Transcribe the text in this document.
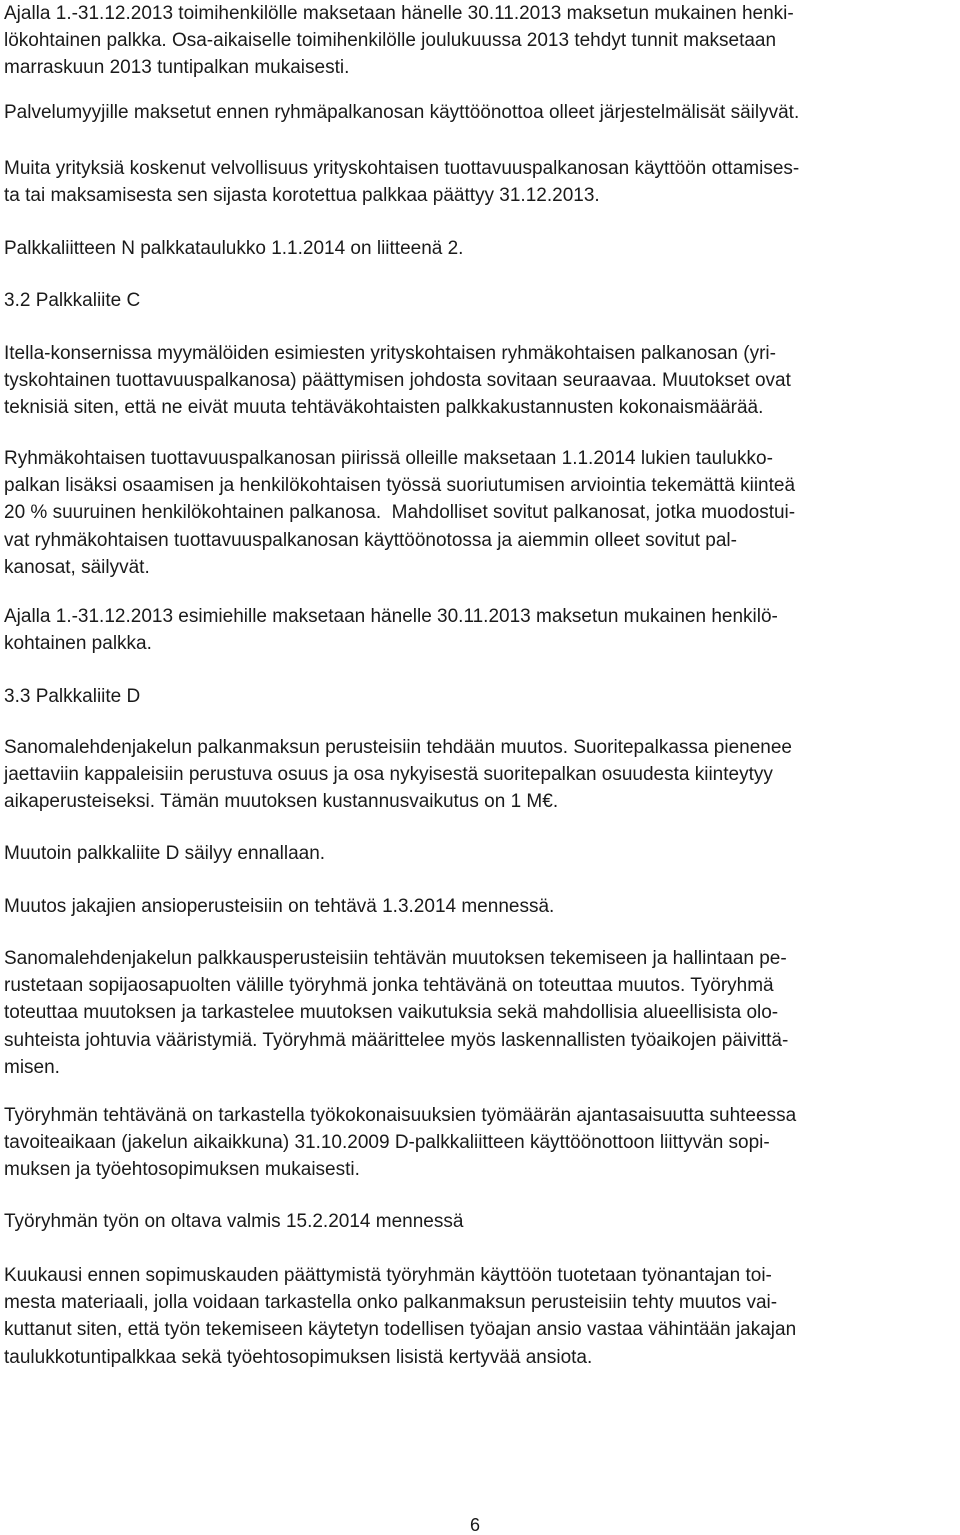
Ajalla 1.-31.12.2013 toimihenkilölle maksetaan hänelle 30.11.2013 maksetun mukainen henki-
lökohtainen palkka. Osa-aikaiselle toimihenkilölle joulukuussa 2013 tehdyt tunnit maksetaan
marraskuun 2013 tuntipalkan mukaisesti.
Palvelumyyjille maksetut ennen ryhmäpalkanosan käyttöönottoa olleet järjestelmälisät säilyvät.
Muita yrityksiä koskenut velvollisuus yrityskohtaisen tuottavuuspalkanosan käyttöön ottamises-
ta tai maksamisesta sen sijasta korotettua palkkaa päättyy 31.12.2013.
Palkkaliitteen N palkkataulukko 1.1.2014 on liitteenä 2.
3.2 Palkkaliite C
Itella-konsernissa myymälöiden esimiesten yrityskohtaisen ryhmäkohtaisen palkanosan (yri-
tyskohtainen tuottavuuspalkanosa) päättymisen johdosta sovitaan seuraavaa. Muutokset ovat
teknisiä siten, että ne eivät muuta tehtäväkohtaisten palkkakustannusten kokonaismäärää.
Ryhmäkohtaisen tuottavuuspalkanosan piirissä olleille maksetaan 1.1.2014 lukien taulukko-
palkan lisäksi osaamisen ja henkilökohtaisen työssä suoriutumisen arviointia tekemättä kiinteä
20 % suuruinen henkilökohtainen palkanosa.  Mahdolliset sovitut palkanosat, jotka muodostui-
vat ryhmäkohtaisen tuottavuuspalkanosan käyttöönotossa ja aiemmin olleet sovitut pal-
kanosat, säilyvät.
Ajalla 1.-31.12.2013 esimiehille maksetaan hänelle 30.11.2013 maksetun mukainen henkilö-
kohtainen palkka.
3.3 Palkkaliite D
Sanomalehdenjakelun palkanmaksun perusteisiin tehdään muutos. Suoritepalkassa pienenee
jaettaviin kappaleisiin perustuva osuus ja osa nykyisestä suoritepalkan osuudesta kiinteytyy
aikaperusteiseksi. Tämän muutoksen kustannusvaikutus on 1 M€.
Muutoin palkkaliite D säilyy ennallaan.
Muutos jakajien ansioperusteisiin on tehtävä 1.3.2014 mennessä.
Sanomalehdenjakelun palkkausperusteisiin tehtävän muutoksen tekemiseen ja hallintaan pe-
rustetaan sopijaosapuolten välille työryhmä jonka tehtävänä on toteuttaa muutos. Työryhmä
toteuttaa muutoksen ja tarkastelee muutoksen vaikutuksia sekä mahdollisia alueellisista olo-
suhteista johtuvia vääristymiä. Työryhmä määrittelee myös laskennallisten työaikojen päivittä-
misen.
Työryhmän tehtävänä on tarkastella työkokonaisuuksien työmäärän ajantasaisuutta suhteessa
tavoiteaikaan (jakelun aikaikkuna) 31.10.2009 D-palkkaliitteen käyttöönottoon liittyvän sopi-
muksen ja työehtosopimuksen mukaisesti.
Työryhmän työn on oltava valmis 15.2.2014 mennessä
Kuukausi ennen sopimuskauden päättymistä työryhmän käyttöön tuotetaan työnantajan toi-
mesta materiaali, jolla voidaan tarkastella onko palkanmaksun perusteisiin tehty muutos vai-
kuttanut siten, että työn tekemiseen käytetyn todellisen työajan ansio vastaa vähintään jakajan
taulukkotuntipalkkaa sekä työehtosopimuksen lisistä kertyvää ansiota.
6
